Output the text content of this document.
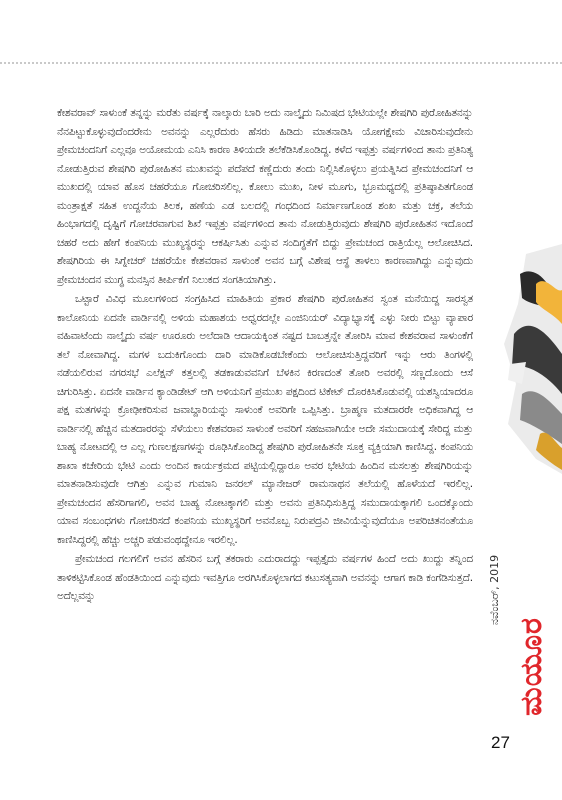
ಕೇಶವರಾವ್ ಸಾಳುಂಕೆ ತನ್ನನ್ನು ಮರೆತು ವರ್ಷಕ್ಕೆ ನಾಲ್ಕಾರು ಬಾರಿ ಅದು ನಾಲ್ಕೈದು ನಿಮಿಷದ ಭೇಟಿಯಲ್ಲೇ ಶೇಷಗಿರಿ ಪುರೋಹಿತನನ್ನು ನೆನಪಿಟ್ಟುಕೊಳ್ಳುವುದೆಂದರೇನು ಅವನನ್ನು ಎಲ್ಲರೆದುರು ಹೆಸರು ಹಿಡಿದು ಮಾತನಾಡಿಸಿ ಯೋಗಕ್ಷೇಮ ವಿಚಾರಿಸುವುದೇನು ಪ್ರೇಮಚಂದನಿಗೆ ಎಲ್ಲವೂ ಅಯೋಮಯ ಎನಿಸಿ ಕಾರಣ ತಿಳಿಯದೇ ತಲೆಕೆಡಿಸಿಕೊಂಡಿದ್ದ. ಕಳೆದ ಇಪ್ಪತ್ತು ವರ್ಷಗಳಿಂದ ತಾನು ಪ್ರತಿನಿತ್ಯ ನೋಡುತ್ತಿರುವ ಶೇಷಗಿರಿ ಪುರೋಹಿತನ ಮುಖವನ್ನು ಪದೆಪದೆ ಕಣ್ಣೆದುರು ತಂದು ನಿಲ್ಲಿಸಿಕೊಳ್ಳಲು ಪ್ರಯತ್ನಿಸಿದ ಪ್ರೇಮಚಂದನಿಗೆ ಆ ಮುಖದಲ್ಲಿ ಯಾವ ಹೊಸ ಚಹರೆಯೂ ಗೋಚರಿಸಲಿಲ್ಲ. ಕೋಲು ಮುಖ, ನೀಳ ಮೂಗು, ಭ್ರೂಮಧ್ಯದಲ್ಲಿ ಪ್ರತಿಷ್ಠಾಪಿತಗೊಂಡ ಮಂತ್ರಾಕ್ಷತೆ ಸಹಿತ ಉದ್ದನೆಯ ತಿಲಕ, ಹಣೆಯ ಎಡ ಬಲದಲ್ಲಿ ಗಂಧದಿಂದ ನಿರ್ಮಾಣಗೊಂಡ ಶಂಖ ಮತ್ತು ಚಕ್ರ, ತಲೆಯ ಹಿಂಭಾಗದಲ್ಲಿ ದೃಷ್ಟಿಗೆ ಗೋಚರವಾಗುವ ಶಿಖೆ ಇಪ್ಪತ್ತು ವರ್ಷಗಳಿಂದ ತಾನು ನೋಡುತ್ತಿರುವುದು ಶೇಷಗಿರಿ ಪುರೋಹಿತನ ಇದೊಂದೆ ಚಹರೆ ಅದು ಹೇಗೆ ಕಂಪನಿಯ ಮುಖ್ಯಸ್ಥರನ್ನು ಆಕರ್ಷಿಸಿತು ಎನ್ನುವ ಸಂದಿಗ್ಧತೆಗೆ ಬಿದ್ದು ಪ್ರೇಮಚಂದ ರಾತ್ರಿಯೆಲ್ಲ ಆಲೋಚಿಸಿದ. ಶೇಷಗಿರಿಯ ಈ ಸಿಗ್ನೇಚರ್ ಚಹರೆಯೇ ಕೇಶವರಾವ ಸಾಳುಂಕೆ ಅವನ ಬಗ್ಗೆ ವಿಶೇಷ ಆಸ್ಥೆ ತಾಳಲು ಕಾರಣವಾಗಿದ್ದು ಎನ್ನುವುದು ಪ್ರೇಮಚಂದನ ಮುಗ್ಧ ಮನಸ್ಸಿನ ತೀರ್ಪಿಕೆಗೆ ನಿಲುಕದ ಸಂಗತಿಯಾಗಿತ್ತು.

ಒಟ್ಟಾರೆ ವಿವಿಧ ಮೂಲಗಳಿಂದ ಸಂಗ್ರಹಿಸಿದ ಮಾಹಿತಿಯ ಪ್ರಕಾರ ಶೇಷಗಿರಿ ಪುರೋಹಿತನ ಸ್ವಂತ ಮನೆಯಿದ್ದ ಸಾರಸ್ವತ ಕಾಲೋನಿಯ ಏದನೇ ವಾರ್ಡಿನಲ್ಲಿ ಅಳಿಯ ಮಹಾಶಯ ಅಧ್ವರದಲ್ಲೇ ಎಂಜಿನಿಯರ್ ವಿದ್ಯಾಭ್ಯಾಸಕ್ಕೆ ಎಳ್ಳು ನೀರು ಬಿಟ್ಟು ವ್ಯಾಪಾರ ವಹಿವಾಟೆಂದು ನಾಲ್ಕೈದು ವರ್ಷ ಊರೂರು ಅಲೆದಾಡಿ ಆದಾಯಕ್ಕಿಂತ ನಷ್ಟದ ಬಾಬತ್ತನ್ನೇ ತೋರಿಸಿ ಮಾವ ಕೇಶವರಾವ ಸಾಳುಂಕೆಗೆ ತಲೆ ನೋವಾಗಿದ್ದ. ಮಗಳ ಬದುಕಿಗೊಂದು ದಾರಿ ಮಾಡಿಕೊಡಬೇಕೆಂದು ಆಲೋಚಿಸುತ್ತಿದ್ದವರಿಗೆ ಇನ್ನು ಆರು ತಿಂಗಳಲ್ಲಿ ನಡೆಯಲಿರುವ ನಗರಸಭೆ ಎಲೆಕ್ಷನ್ ಕತ್ತಲಲ್ಲಿ ತಡಕಾಡುವವನಿಗೆ ಬೆಳಕಿನ ಕಿರಣದಂತೆ ತೋರಿ ಅವರಲ್ಲಿ ಸಣ್ಣದೊಂದು ಆಸೆ ಚಿಗುರಿಸಿತ್ತು. ಏದನೇ ವಾರ್ಡಿನ ಕ್ಯಾಂಡಿಡೇಟ್ ಆಗಿ ಅಳಿಯನಿಗೆ ಪ್ರಮುಖ ಪಕ್ಷದಿಂದ ಟಿಕೇಟ್ ದೊರಕಿಸಿಕೊಡುವಲ್ಲಿ ಯಶಸ್ವಿಯಾದರೂ ಪಕ್ಷ ಮತಗಳನ್ನು ಕ್ರೋಢೀಕರಿಸುವ ಜವಾಬ್ದಾರಿಯನ್ನು ಸಾಳುಂಕೆ ಅವರಿಗೇ ಒಪ್ಪಿಸಿತ್ತು. ಬ್ರಾಹ್ಮಣ ಮತದಾರರೇ ಅಧಿಕವಾಗಿದ್ದ ಆ ವಾರ್ಡಿನಲ್ಲಿ ಹೆಚ್ಚಿನ ಮತದಾರರನ್ನು ಸೆಳೆಯಲು ಕೇಶವರಾವ ಸಾಳುಂಕೆ ಅವರಿಗೆ ಸಹಜವಾಗಿಯೇ ಅದೇ ಸಮುದಾಯಕ್ಕೆ ಸೇರಿದ್ದ ಮತ್ತು ಬಾಹ್ಯ ನೋಟದಲ್ಲಿ ಆ ಎಲ್ಲ ಗುಣಲಕ್ಷಣಗಳನ್ನು ರೂಢಿಸಿಕೊಂಡಿದ್ದ ಶೇಷಗಿರಿ ಪುರೋಹಿತನೇ ಸೂಕ್ತ ವ್ಯಕ್ತಿಯಾಗಿ ಕಾಣಿಸಿದ್ದ. ಕಂಪನಿಯ ಶಾಖಾ ಕಚೇರಿಯ ಭೇಟಿ ಎಂದು ಅಂದಿನ ಕಾರ್ಯಕ್ರಮದ ಪಟ್ಟಿಯಲ್ಲಿದ್ದಾರೂ ಅವರ ಭೇಟಿಯ ಹಿಂದಿನ ಮಸಲತ್ತು ಶೇಷಗಿರಿಯನ್ನು ಮಾತನಾಡಿಸುವುದೇ ಆಗಿತ್ತು ಎನ್ನುವ ಗುಮಾನಿ ಜನರಲ್ ಮ್ಯಾನೇಜರ್ ರಾಮನಾಥನ ತಲೆಯಲ್ಲಿ ಹೊಳೆಯದೆ ಇರಲಿಲ್ಲ. ಪ್ರೇಮಚಂದನ ಹೆಸರಿಗಾಗಲಿ, ಅವನ ಬಾಹ್ಯ ನೋಟಕ್ಕಾಗಲಿ ಮತ್ತು ಅವನು ಪ್ರತಿನಿಧಿಸುತ್ತಿದ್ದ ಸಮುದಾಯಕ್ಕಾಗಲಿ ಒಂದಕ್ಕೊಂದು ಯಾವ ಸಂಬಂಧಗಳು ಗೋಚರಿಸದೆ ಕಂಪನಿಯ ಮುಖ್ಯಸ್ಥರಿಗೆ ಅವನೊಬ್ಬ ನಿರುಪದ್ರವಿ ಜೀವಿಯೆನ್ನುವುದೆಯೂ ಅಪರಿಚಿತನಂತೆಯೂ ಕಾಣಿಸಿದ್ದರಲ್ಲಿ ಹೆಚ್ಚು ಅಚ್ಚರಿ ಪಡುವಂಥದ್ದೇನೂ ಇರಲಿಲ್ಲ.

ಪ್ರೇಮಚಂದ ಗಲಗಲಿಗೆ ಅವನ ಹೆಸರಿನ ಬಗ್ಗೆ ತಕರಾರು ಎದುರಾದದ್ದು ಇಪ್ಪತ್ತೈದು ವರ್ಷಗಳ ಹಿಂದೆ ಅದು ಖುದ್ದು ತನ್ನಿಂದ ತಾಳಿಕಟ್ಟಿಸಿಕೊಂಡ ಹೆಂಡತಿಯಿಂದ ಎನ್ನುವುದು ಇವತ್ತಿಗೂ ಅರಗಿಸಿಕೊಳ್ಳಲಾಗದ ಕಟುಸತ್ಯವಾಗಿ ಅವನನ್ನು ಆಗಾಗ ಕಾಡಿ ಕಂಗೆಡಿಸುತ್ತದೆ. ಅದೆಲ್ಲವನ್ನು	ನವೆಂಬರ್, 2019
ಮಯೂರ
27
